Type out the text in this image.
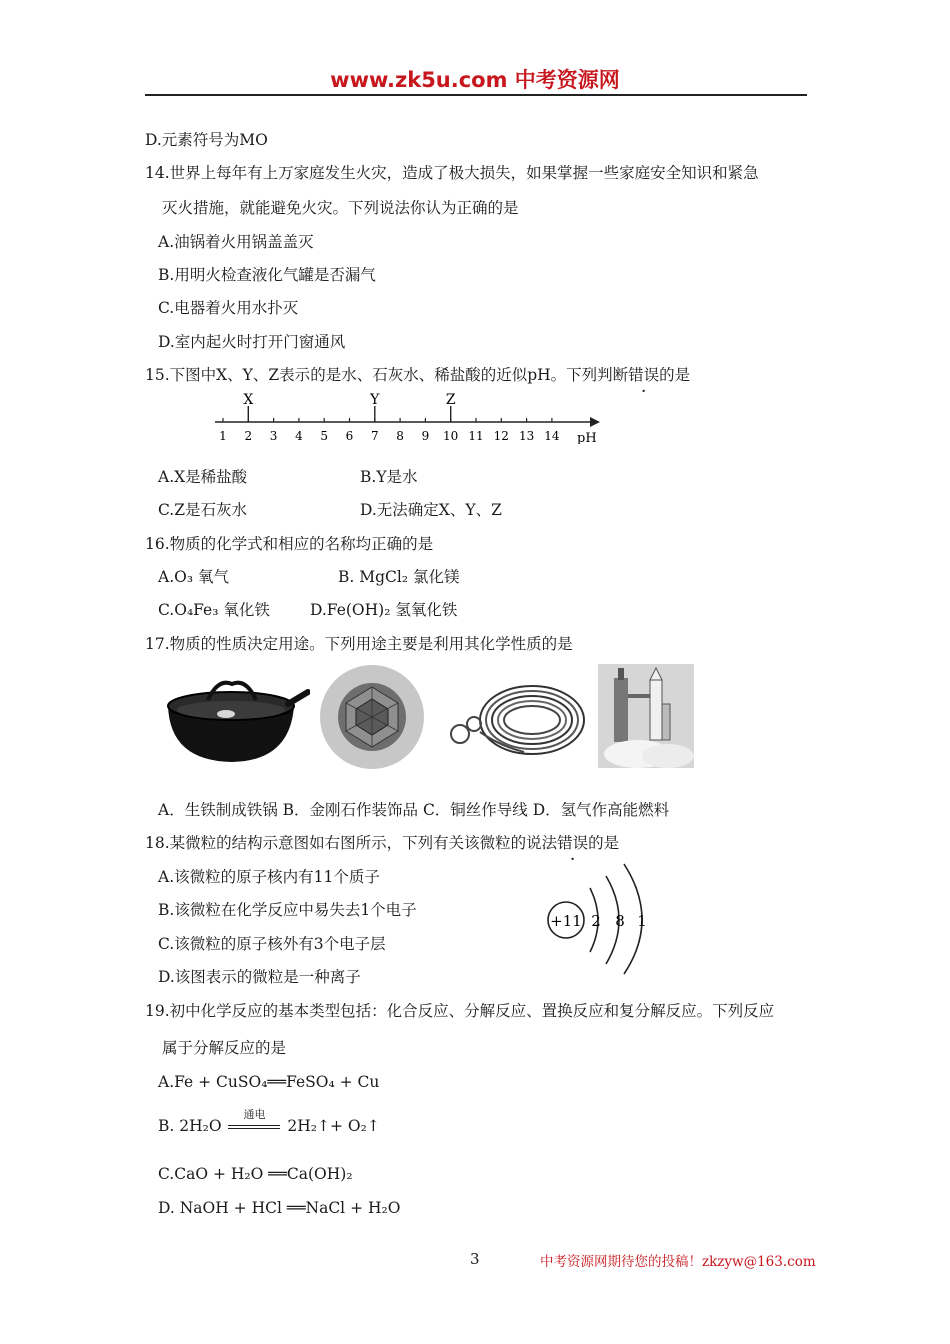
www.zk5u.com 中考资源网
D.元素符号为MO
14.世界上每年有上万家庭发生火灾，造成了极大损失，如果掌握一些家庭安全知识和紧急
灭火措施，就能避免火灾。下列说法你认为正确的是
A.油锅着火用锅盖盖灭
B.用明火检查液化气罐是否漏气
C.电器着火用水扑灭
D.室内起火时打开门窗通风
15.下图中X、Y、Z表示的是水、石灰水、稀盐酸的近似pH。下列判断错误的是
1 2 3 4 5 6 7 8 9 10 11 12 13 14
X	Y	Z
pH
A.X是稀盐酸	B.Y是水
C.Z是石灰水	D.无法确定X、Y、Z
16.物质的化学式和相应的名称均正确的是
A.O₃ 氧气	B. MgCl₂ 氯化镁
C.O₄Fe₃ 氧化铁	D.Fe(OH)₂ 氢氧化铁
17.物质的性质决定用途。下列用途主要是利用其化学性质的是
A．生铁制成铁锅 B．金刚石作装饰品 C．铜丝作导线 D．氢气作高能燃料
18.某微粒的结构示意图如右图所示，下列有关该微粒的说法错误的是
A.该微粒的原子核内有11个质子
B.该微粒在化学反应中易失去1个电子
C.该微粒的原子核外有3个电子层
D.该图表示的微粒是一种离子
+11 2 8 1
19.初中化学反应的基本类型包括：化合反应、分解反应、置换反应和复分解反应。下列反应
属于分解反应的是
A.Fe + CuSO₄══FeSO₄ + Cu
B. 2H₂O
通电
2H₂↑+ O₂↑
C.CaO + H₂O ══Ca(OH)₂
D. NaOH + HCl ══NaCl + H₂O
3	中考资源网期待您的投稿！zkzyw@163.com
